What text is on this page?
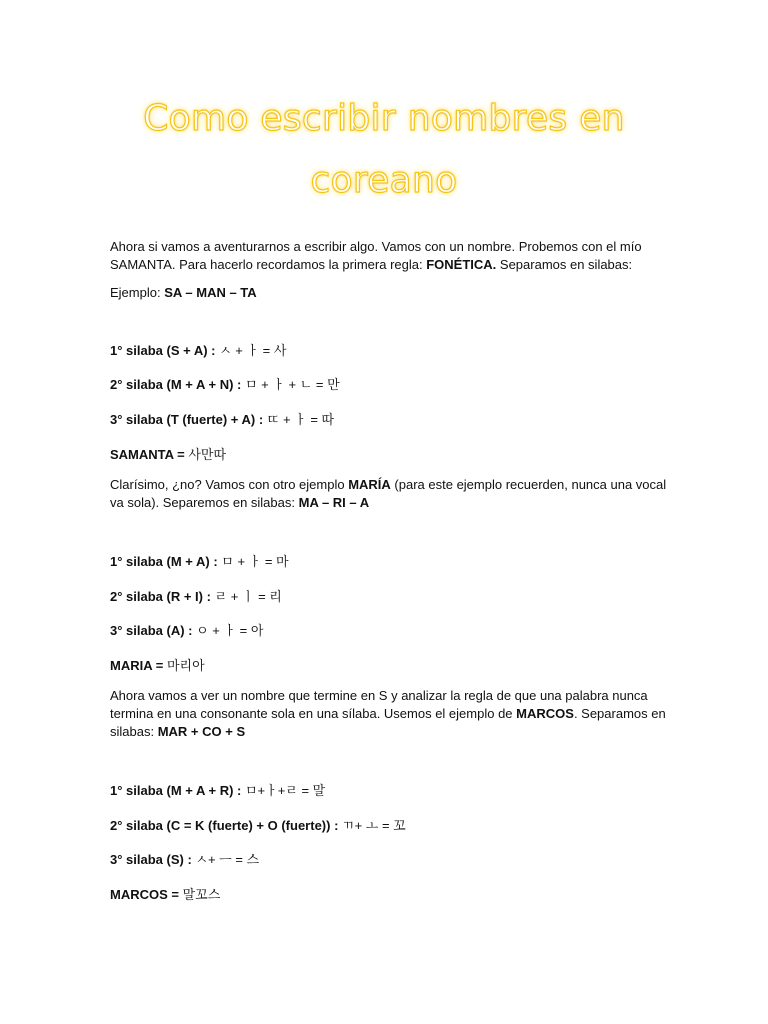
Como escribir nombres en
coreano

Ahora si vamos a aventurarnos a escribir algo. Vamos con un nombre. Probemos con el mío SAMANTA. Para hacerlo recordamos la primera regla: FONÉTICA. Separamos en silabas:

Ejemplo: SA – MAN – TA

1° silaba (S + A) : ㅅ + ㅏ = 사

2° silaba (M + A + N) : ㅁ + ㅏ + ㄴ = 만

3° silaba (T (fuerte) + A) : ㄸ + ㅏ = 따

SAMANTA = 사만따

Clarísimo, ¿no? Vamos con otro ejemplo MARÍA (para este ejemplo recuerden, nunca una vocal va sola). Separemos en silabas: MA – RI – A

1° silaba (M + A) : ㅁ + ㅏ = 마

2° silaba (R + I) : ㄹ + ㅣ = 리

3° silaba (A) : ㅇ + ㅏ = 아

MARIA = 마리아

Ahora vamos a ver un nombre que termine en S y analizar la regla de que una palabra nunca termina en una consonante sola en una sílaba. Usemos el ejemplo de MARCOS. Separamos en silabas: MAR + CO + S

1° silaba (M + A + R) : ㅁ+ㅏ+ㄹ = 말

2° silaba (C = K (fuerte) + O (fuerte)) : ㄲ+ ㅗ = 꼬

3° silaba (S) : ㅅ+ ㅡ = 스

MARCOS = 말꼬스
